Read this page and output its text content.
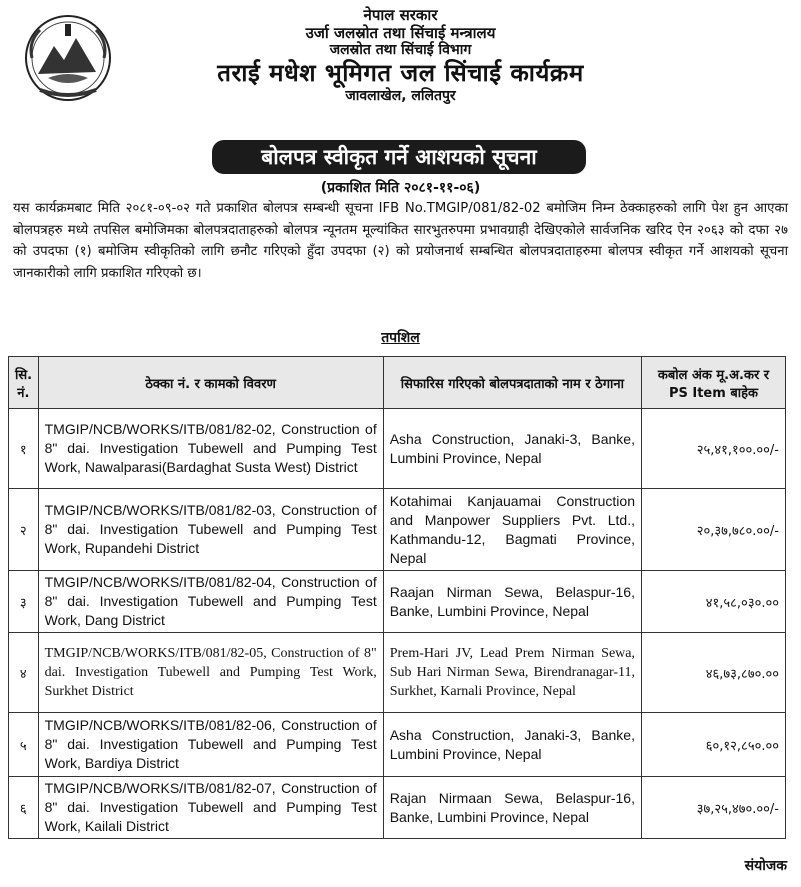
नेपाल सरकार
उर्जा जलस्रोत तथा सिंचाई मन्त्रालय
जलस्रोत तथा सिंचाई विभाग
तराई मधेश भूमिगत जल सिंचाई कार्यक्रम
जावलाखेल, ललितपुर
बोलपत्र स्वीकृत गर्ने आशयको सूचना
(प्रकाशित मिति २०८१-११-०६)
यस कार्यक्रमबाट मिति २०८१-०९-०२ गते प्रकाशित बोलपत्र सम्बन्धी सूचना IFB No.TMGIP/081/82-02 बमोजिम निम्न ठेक्काहरुको लागि पेश हुन आएका बोलपत्रहरु मध्ये तपसिल बमोजिमका बोलपत्रदाताहरुको बोलपत्र न्यूनतम मूल्यांकित सारभुतरुपमा प्रभावग्राही देखिएकोले सार्वजनिक खरिद ऐन २०६३ को दफा २७ को उपदफा (१) बमोजिम स्वीकृतिको लागि छनौट गरिएको हुँदा उपदफा (२) को प्रयोजनार्थ सम्बन्धित बोलपत्रदाताहरुमा बोलपत्र स्वीकृत गर्ने आशयको सूचना जानकारीको लागि प्रकाशित गरिएको छ।
तपशिल
सि. नं.	ठेक्का नं. र कामको विवरण	सिफारिस गरिएको बोलपत्रदाताको नाम र ठेगाना	कबोल अंक मू.अ.कर र PS Item बाहेक
१	TMGIP/NCB/WORKS/ITB/081/82-02, Construction of 8" dai. Investigation Tubewell and Pumping Test Work, Nawalparasi(Bardaghat Susta West) District	Asha Construction, Janaki-3, Banke, Lumbini Province, Nepal	२५,४१,१००.००/-
२	TMGIP/NCB/WORKS/ITB/081/82-03, Construction of 8" dai. Investigation Tubewell and Pumping Test Work, Rupandehi District	Kotahimai Kanjauamai Construction and Manpower Suppliers Pvt. Ltd., Kathmandu-12, Bagmati Province, Nepal	२०,३७,७८०.००/-
३	TMGIP/NCB/WORKS/ITB/081/82-04, Construction of 8" dai. Investigation Tubewell and Pumping Test Work, Dang District	Raajan Nirman Sewa, Belaspur-16, Banke, Lumbini Province, Nepal	४१,५८,०३०.००
४	TMGIP/NCB/WORKS/ITB/081/82-05, Construction of 8" dai. Investigation Tubewell and Pumping Test Work, Surkhet District	Prem-Hari JV, Lead Prem Nirman Sewa, Sub Hari Nirman Sewa, Birendranagar-11, Surkhet, Karnali Province, Nepal	४६,७३,८७०.००
५	TMGIP/NCB/WORKS/ITB/081/82-06, Construction of 8" dai. Investigation Tubewell and Pumping Test Work, Bardiya District	Asha Construction, Janaki-3, Banke, Lumbini Province, Nepal	६०,१२,८५०.००
६	TMGIP/NCB/WORKS/ITB/081/82-07, Construction of 8" dai. Investigation Tubewell and Pumping Test Work, Kailali District	Rajan Nirmaan Sewa, Belaspur-16, Banke, Lumbini Province, Nepal	३७,२५,४७०.००/-
संयोजक
